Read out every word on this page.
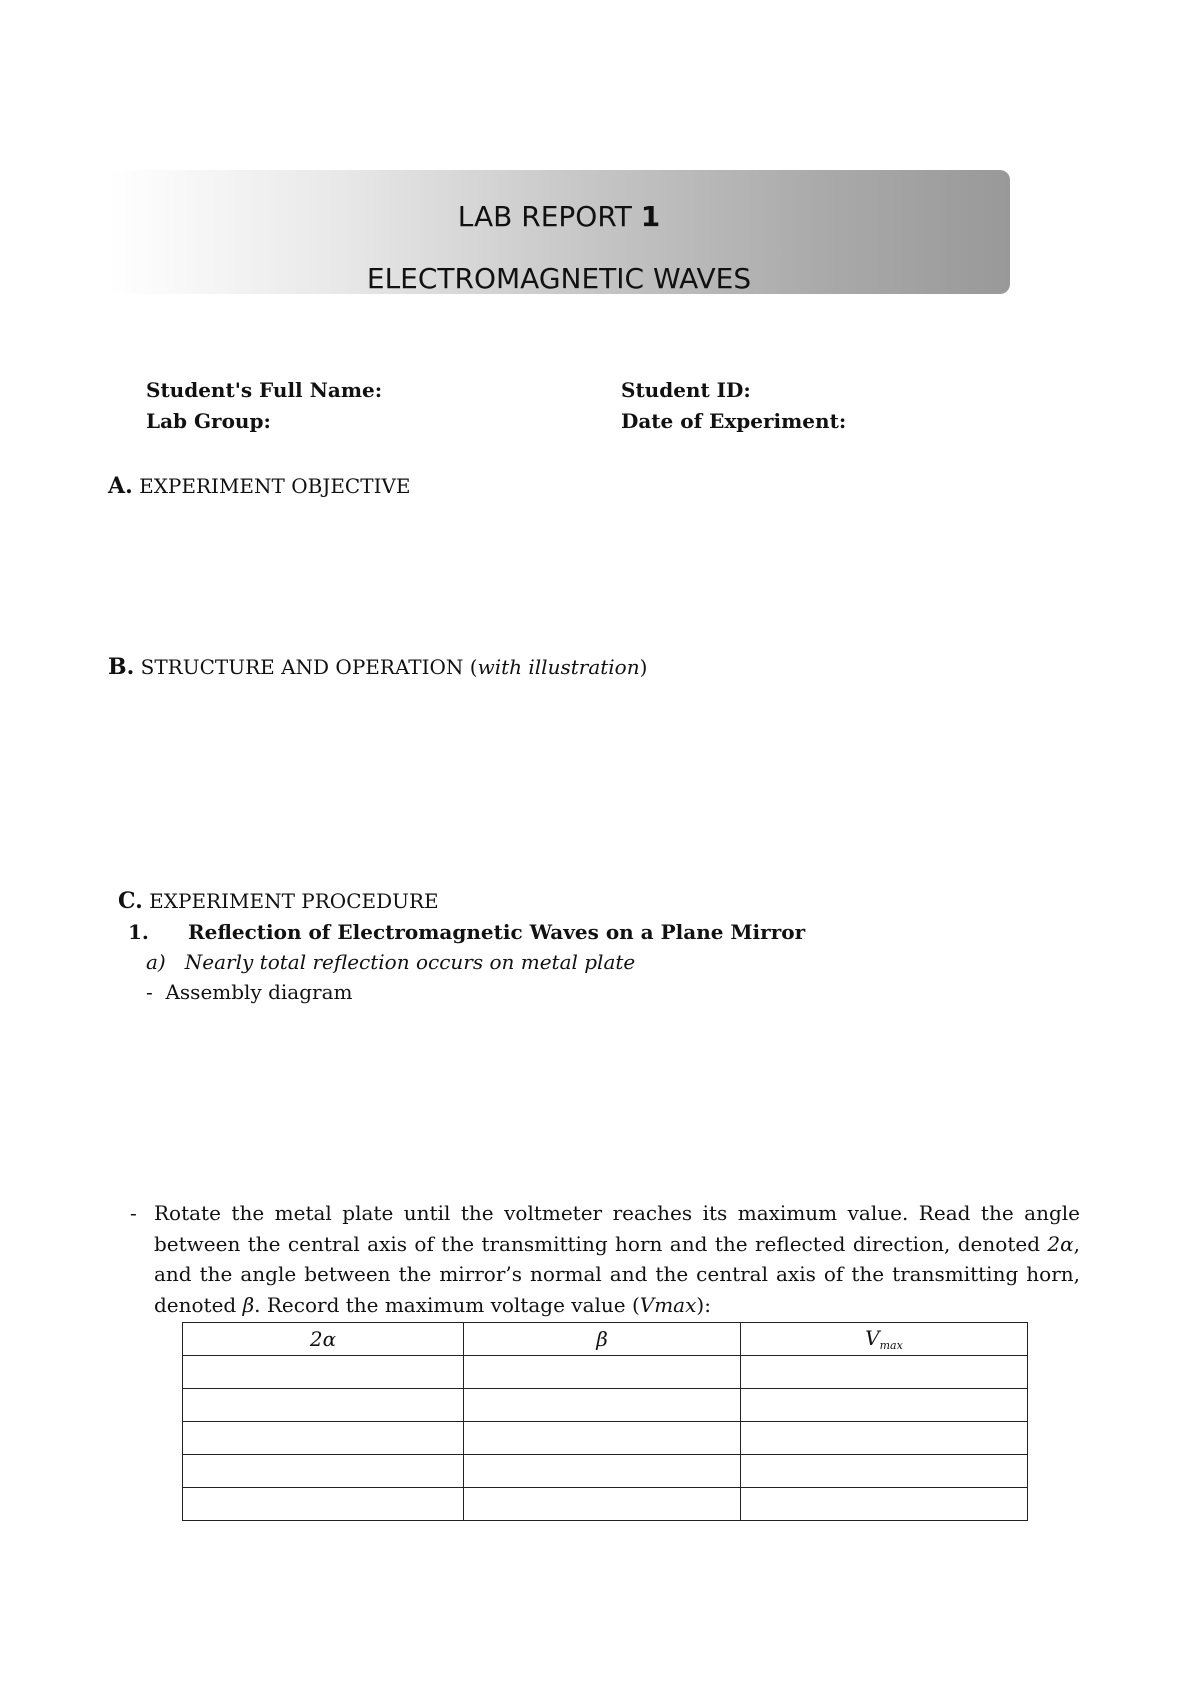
LAB REPORT 1
ELECTROMAGNETIC WAVES
Student's Full Name:	Student ID:
Lab Group:	Date of Experiment:
A. EXPERIMENT OBJECTIVE
B. STRUCTURE AND OPERATION (with illustration)
C. EXPERIMENT PROCEDURE
1. Reflection of Electromagnetic Waves on a Plane Mirror
a)   Nearly total reflection occurs on metal plate
-  Assembly diagram
- Rotate the metal plate until the voltmeter reaches its maximum value. Read the angle between the central axis of the transmitting horn and the reflected direction, denoted 2α, and the angle between the mirror’s normal and the central axis of the transmitting horn, denoted β. Record the maximum voltage value (Vmax):
2α	β	$V_{max}$
